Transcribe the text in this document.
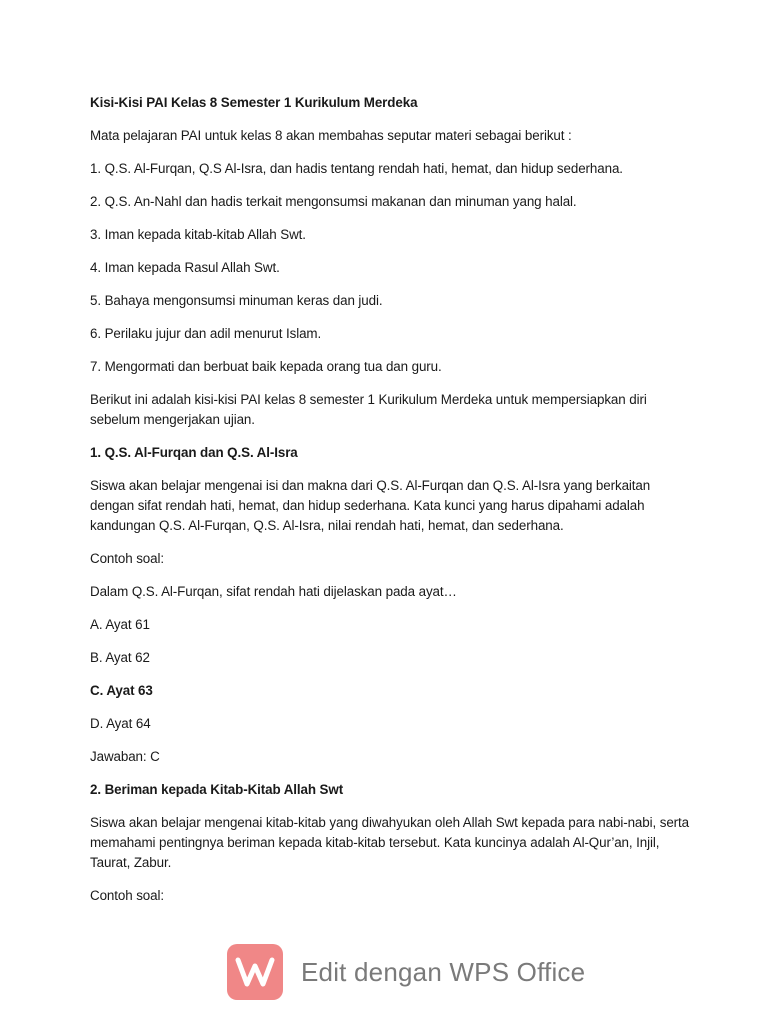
Kisi-Kisi PAI Kelas 8 Semester 1 Kurikulum Merdeka

Mata pelajaran PAI untuk kelas 8 akan membahas seputar materi sebagai berikut :

1. Q.S. Al-Furqan, Q.S Al-Isra, dan hadis tentang rendah hati, hemat, dan hidup sederhana.

2. Q.S. An-Nahl dan hadis terkait mengonsumsi makanan dan minuman yang halal.

3. Iman kepada kitab-kitab Allah Swt.

4. Iman kepada Rasul Allah Swt.

5. Bahaya mengonsumsi minuman keras dan judi.

6. Perilaku jujur dan adil menurut Islam.

7. Mengormati dan berbuat baik kepada orang tua dan guru.

Berikut ini adalah kisi-kisi PAI kelas 8 semester 1 Kurikulum Merdeka untuk mempersiapkan diri sebelum mengerjakan ujian.

1. Q.S. Al-Furqan dan Q.S. Al-Isra

Siswa akan belajar mengenai isi dan makna dari Q.S. Al-Furqan dan Q.S. Al-Isra yang berkaitan dengan sifat rendah hati, hemat, dan hidup sederhana. Kata kunci yang harus dipahami adalah kandungan Q.S. Al-Furqan, Q.S. Al-Isra, nilai rendah hati, hemat, dan sederhana.

Contoh soal:

Dalam Q.S. Al-Furqan, sifat rendah hati dijelaskan pada ayat…

A. Ayat 61

B. Ayat 62

C. Ayat 63

D. Ayat 64

Jawaban: C

2. Beriman kepada Kitab-Kitab Allah Swt

Siswa akan belajar mengenai kitab-kitab yang diwahyukan oleh Allah Swt kepada para nabi-nabi, serta memahami pentingnya beriman kepada kitab-kitab tersebut. Kata kuncinya adalah Al-Qur’an, Injil, Taurat, Zabur.

Contoh soal:

Edit dengan WPS Office
